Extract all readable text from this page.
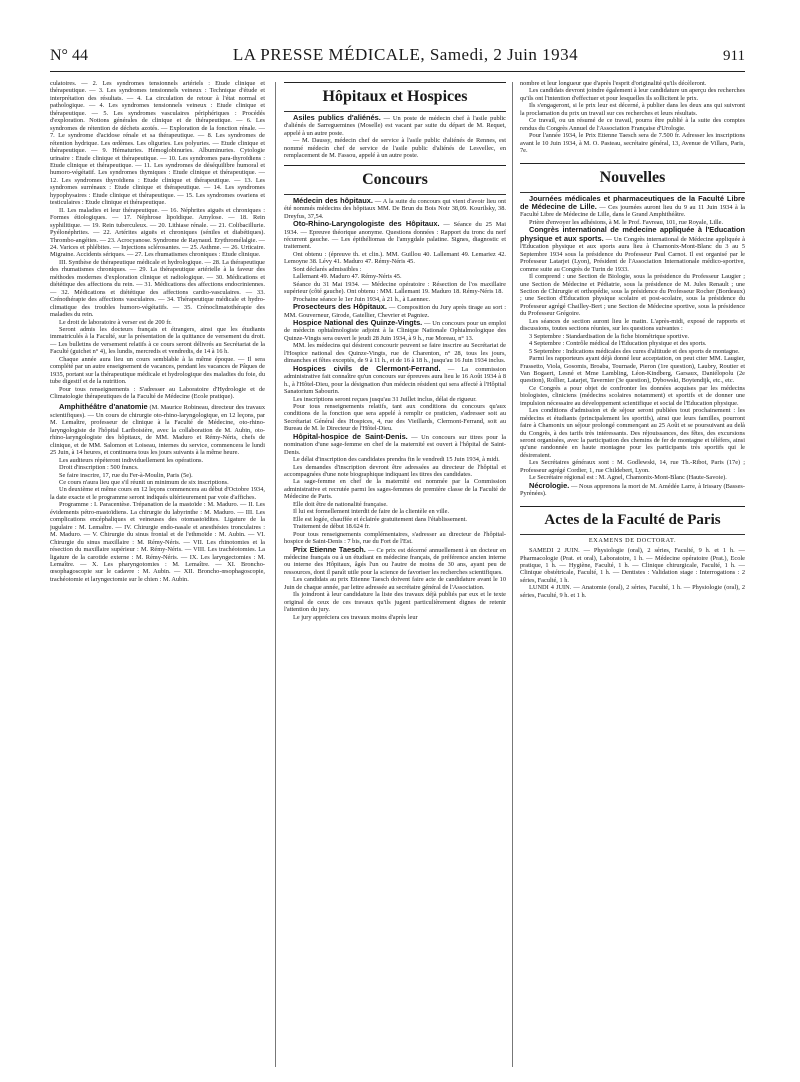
N° 44	LA PRESSE MÉDICALE, Samedi, 2 Juin 1934	911

culatoires. — 2. Les syndromes tensionnels artériels : Etude clinique et thérapeutique. — 3. Les syndromes tensionnels veineux : Technique d'étude et interprétation des résultats. — 4. La circulation de retour à l'état normal et pathologique. — 4. Les syndromes tensionnels veineux : Etude clinique et thérapeutique. — 5. Les syndromes vasculaires périphériques : Procédés d'exploration. Notions générales de clinique et de thérapeutique. — 6. Les syndromes de rétention de déchets azotés. — Exploration de la fonction rénale. — 7. Le syndrome d'acidose rénale et sa thérapeutique. — 8. Les syndromes de rétention hydrique. Les œdèmes. Les oliguries. Les polyuries. — Etude clinique et thérapeutique. — 9. Hématuries. Hémoglobinuries. Albuminuries. Cytologie urinaire : Etude clinique et thérapeutique. — 10. Les syndromes para-thyroïdiens : Etude clinique et thérapeutique. — 11. Les syndromes de déséquilibre humoral et humoro-végétatif. Les syndromes thymiques : Etude clinique et thérapeutique. — 12. Les syndromes thyroïdiens : Etude clinique et thérapeutique. — 13. Les syndromes surrénaux : Etude clinique et thérapeutique. — 14. Les syndromes hypophysaires : Etude clinique et thérapeutique. — 15. Les syndromes ovariens et testiculaires : Etude clinique et thérapeutique.

II. Les maladies et leur thérapeutique. — 16. Néphrites aiguës et chroniques : Formes étiologiques. — 17. Néphrose lipoïdique. Amylose. — 18. Rein syphilitique. — 19. Rein tuberculeux. — 20. Lithiase rénale. — 21. Colibacillurie. Pyélonéphrites. — 22. Artérites aiguës et chroniques (séniles et diabétiques). Thrombo-angéites. — 23. Acrocyanose. Syndrome de Raynaud. Erythromélalgie. — 24. Varices et phlébites. — Injections sclérosantes. — 25. Asthme. — 26. Urticaire. Migraine. Accidents sériques. — 27. Les rhumatismes chroniques : Etude clinique.

III. Synthèse de thérapeutique médicale et hydrologique. — 28. La thérapeutique des rhumatismes chroniques. — 29. La thérapeutique artérielle à la faveur des méthodes modernes d'exploration clinique et radiologique. — 30. Médications et diététique des affections du rein. — 31. Médications des affections endocriniennes. — 32. Médications et diététique des affections cardio-vasculaires. — 33. Crénothérapie des affections vasculaires. — 34. Thérapeutique médicale et hydro-climatique des troubles humoro-végétatifs. — 35. Crénoclimatothérapie des maladies du rein.

Le droit de laboratoire à verser est de 200 fr.

Seront admis les docteurs français et étrangers, ainsi que les étudiants immatriculés à la Faculté, sur la présentation de la quittance de versement du droit. — Les bulletins de versement relatifs à ce cours seront délivrés au Secrétariat de la Faculté (guichet n° 4), les lundis, mercredis et vendredis, de 14 à 16 h.

Chaque année aura lieu un cours semblable à la même époque. — Il sera complété par un autre enseignement de vacances, pendant les vacances de Pâques de 1935, portant sur la thérapeutique médicale et hydrologique des maladies du foie, du tube digestif et de la nutrition.

Pour tous renseignements : S'adresser au Laboratoire d'Hydrologie et de Climatologie thérapeutiques de la Faculté de Médecine (Ecole pratique).

Amphithéâtre d'anatomie (M. Maurice Robineau, directeur des travaux scientifiques). — Un cours de chirurgie oto-rhino-laryngologique, en 12 leçons, par M. Lemaître, professeur de clinique à la Faculté de Médecine, oto-rhino-laryngologiste de l'hôpital Lariboisière, avec la collaboration de M. Aubin, oto-rhino-laryngologiste des hôpitaux, de MM. Maduro et Rémy-Néris, chefs de clinique, et de MM. Salomon et Loiseau, internes du service, commencera le lundi 25 Juin, à 14 heures, et continuera tous les jours suivants à la même heure.

Les auditeurs répéteront individuellement les opérations.

Droit d'inscription : 500 francs.

Se faire inscrire, 17, rue du Fer-à-Moulin, Paris (5e).

Ce cours n'aura lieu que s'il réunit un minimum de six inscriptions.

Un deuxième et même cours en 12 leçons commencera au début d'Octobre 1934, la date exacte et le programme seront indiqués ultérieurement par voie d'affiches.

Programme : I. Paracentèse. Trépanation de la mastoïde : M. Maduro. — II. Les évidements pétro-mastoïdiens. La chirurgie du labyrinthe : M. Maduro. — III. Les complications encéphaliques et veineuses des otomastoïdites. Ligature de la jugulaire : M. Lemaître. — IV. Chirurgie endo-nasale et anesthésies tronculaires : M. Maduro. — V. Chirurgie du sinus frontal et de l'ethmoïde : M. Aubin. — VI. Chirurgie du sinus maxillaire : M. Rémy-Néris. — VII. Les rhinotomies et la résection du maxillaire supérieur : M. Rémy-Néris. — VIII. Les trachéotomies. La ligature de la carotide externe : M. Rémy-Néris. — IX. Les laryngectomies : M. Lemaître. — X. Les pharyngotomies : M. Lemaître. — XI. Broncho-œsophagoscopie sur le cadavre : M. Aubin. — XII. Broncho-œsophagoscopie, trachéotomie et laryngectomie sur le chien : M. Aubin.

Hôpitaux et Hospices

Asiles publics d'aliénés. — Un poste de médecin chef à l'asile public d'aliénés de Sarreguemines (Moselle) est vacant par suite du départ de M. Requet, appelé à un autre poste.

— M. Daussy, médecin chef de service à l'asile public d'aliénés de Rennes, est nommé médecin chef de service de l'asile public d'aliénés de Lesvellec, en remplacement de M. Fassou, appelé à un autre poste.

Concours

Médecin des hôpitaux. — A la suite du concours qui vient d'avoir lieu ont été nommés médecins des hôpitaux MM. De Brun du Bois Noir 38,09. Kourilsky, 38. Dreyfus, 37,54.

Oto-Rhino-Laryngologiste des Hôpitaux. — Séance du 25 Mai 1934. — Epreuve théorique anonyme. Questions données : Rapport du tronc du nerf récurrent gauche. — Les épithéliomas de l'amygdale palatine. Signes, diagnostic et traitement.

Ont obtenu : (épreuve th. et clin.). MM. Guillou 40. Lallemant 49. Lemariez 42. Lemoyne 38. Lévy 41. Maduro 47. Rémy-Néris 45.

Sont déclarés admissibles :

Lallemant 49. Maduro 47. Rémy-Néris 45.

Séance du 31 Mai 1934. — Médecine opératoire : Résection de l'os maxillaire supérieur (côté gauche). Ont obtenu : MM. Lallemant 19. Maduro 18. Rémy-Néris 18.

Prochaine séance le 1er Juin 1934, à 21 h., à Laennec.

Prosecteurs des Hôpitaux. — Composition du Jury après tirage au sort : MM. Gouverneur, Girode, Gatellier, Chevrier et Pagniez.

Hospice National des Quinze-Vingts. — Un concours pour un emploi de médecin ophtalmologiste adjoint à la Clinique Nationale Ophtalmologique des Quinze-Vingts sera ouvert le jeudi 28 Juin 1934, à 9 h., rue Moreau, n° 13.

MM. les médecins qui désirent concourir peuvent se faire inscrire au Secrétariat de l'Hospice national des Quinze-Vingts, rue de Charenton, n° 28, tous les jours, dimanches et fêtes exceptés, de 9 à 11 h., et de 16 à 18 h., jusqu'au 16 Juin 1934 inclus.

Hospices civils de Clermont-Ferrand. — La commission administrative fait connaître qu'un concours sur épreuves aura lieu le 16 Août 1934 à 8 h., à l'Hôtel-Dieu, pour la désignation d'un médecin résident qui sera affecté à l'Hôpital Sanatorium Sabourin.

Les inscriptions seront reçues jusqu'au 31 Juillet inclus, délai de rigueur.

Pour tous renseignements relatifs, tant aux conditions du concours qu'aux conditions de la fonction que sera appelé à remplir ce praticien, s'adresser soit au Secrétariat Général des Hospices, 4, rue des Vieillards, Clermont-Ferrand, soit au Bureau de M. le Directeur de l'Hôtel-Dieu.

Hôpital-hospice de Saint-Denis. — Un concours sur titres pour la nomination d'une sage-femme en chef de la maternité est ouvert à l'hôpital de Saint-Denis.

Le délai d'inscription des candidates prendra fin le vendredi 15 Juin 1934, à midi.

Les demandes d'inscription devront être adressées au directeur de l'hôpital et accompagnées d'une note biographique indiquant les titres des candidates.

La sage-femme en chef de la maternité est nommée par la Commission administrative et recrutée parmi les sages-femmes de première classe de la Faculté de Médecine de Paris.

Elle doit être de nationalité française.

Il lui est formellement interdit de faire de la clientèle en ville.

Elle est logée, chauffée et éclairée gratuitement dans l'établissement.

Traitement de début 18.624 fr.

Pour tous renseignements complémentaires, s'adresser au directeur de l'hôpital-hospice de Saint-Denis : 7 bis, rue du Fort de l'Est.

Prix Etienne Taesch. — Ce prix est décerné annuellement à un docteur en médecine français ou à un étudiant en médecine français, de préférence ancien interne ou interne des Hôpitaux, âgés l'un ou l'autre de moins de 30 ans, ayant peu de ressources, dont il paraît utile pour la science de favoriser les recherches scientifiques.

Les candidats au prix Etienne Taesch doivent faire acte de candidature avant le 10 Juin de chaque année, par lettre adressée au secrétaire général de l'Association.

Ils joindront à leur candidature la liste des travaux déjà publiés par eux et le texte original de ceux de ces travaux qu'ils jugent particulièrement dignes de retenir l'attention du jury.

Le jury appréciera ces travaux moins d'après leur

nombre et leur longueur que d'après l'esprit d'originalité qu'ils décèleront.

Les candidats devront joindre également à leur candidature un aperçu des recherches qu'ils ont l'intention d'effectuer et pour lesquelles ils sollicitent le prix.

Ils s'engageront, si le prix leur est décerné, à publier dans les deux ans qui suivront la proclamation du prix un travail sur ces recherches et leurs résultats.

Ce travail, ou un résumé de ce travail, pourra être publié à la suite des comptes rendus du Congrès Annuel de l'Association Française d'Urologie.

Pour l'année 1934, le Prix Etienne Taesch sera de 7.500 fr. Adresser les inscriptions avant le 10 Juin 1934, à M. O. Pasteau, secrétaire général, 13, Avenue de Villars, Paris, 7e.

Nouvelles

Journées médicales et pharmaceutiques de la Faculté Libre de Médecine de Lille. — Ces journées auront lieu du 9 au 11 Juin 1934 à la Faculté Libre de Médecine de Lille, dans le Grand Amphithéâtre.

Prière d'envoyer les adhésions, à M. le Prof. Favreau, 101, rue Royale, Lille.

Congrès international de médecine appliquée à l'Education physique et aux sports. — Un Congrès international de Médecine appliquée à l'Education physique et aux sports aura lieu à Chamonix-Mont-Blanc du 3 au 5 Septembre 1934 sous la présidence du Professeur Paul Carnot. Il est organisé par le Professeur Latarjet (Lyon), Président de l'Association Internationale médico-sportive, comme suite au Congrès de Turin de 1933.

Il comprend : une Section de Biologie, sous la présidence du Professeur Laugier ; une Section de Médecine et Pédiatrie, sous la présidence de M. Jules Renault ; une Section de Chirurgie et orthopédie, sous la présidence du Professeur Rocher (Bordeaux) ; une Section d'Education physique scolaire et post-scolaire, sous la présidence du Professeur agrégé Chailley-Bert ; une Section de Médecine sportive, sous la présidence du Professeur Grégoire.

Les séances de section auront lieu le matin. L'après-midi, exposé de rapports et discussions, toutes sections réunies, sur les questions suivantes :

3 Septembre : Standardisation de la fiche biométrique sportive.

4 Septembre : Contrôle médical de l'Education physique et des sports.

5 Septembre : Indications médicales des cures d'altitude et des sports de montagne.

Parmi les rapporteurs ayant déjà donné leur acceptation, on peut citer MM. Laugier, Frassetto, Viola, Gosomis, Broaba, Tournade, Pieron (1re question), Laubry, Routier et Van Bogaert, Lesné et Mme Lambling, Léon-Kindberg, Garsaux, Daniélopolu (2e question), Rollier, Latarjet, Tavernier (3e question), Dybowski, Boytendijk, etc., etc.

Ce Congrès a pour objet de confronter les données acquises par les médecins biologistes, cliniciens (médecins scolaires notamment) et sportifs et de donner une impulsion nécessaire au développement scientifique et social de l'Education physique.

Les conditions d'admission et de séjour seront publiées tout prochainement : les médecins et étudiants (principalement les sportifs), ainsi que leurs familles, pourront faire à Chamonix un séjour prolongé commençant au 25 Août et se poursuivant au delà du Congrès, à des tarifs très intéressants. Des réjouissances, des fêtes, des excursions seront organisées, avec la participation des chemins de fer de montagne et téléfers, ainsi qu'une randonnée en haute montagne pour les participants très sportifs qui le désireraient.

Les Secrétaires généraux sont : M. Godlewski, 14, rue Th.-Ribot, Paris (17e) ; Professeur agrégé Cordier, 1, rue Childebert, Lyon.

Le Secrétaire régional est : M. Agnel, Chamonix-Mont-Blanc (Haute-Savoie).

Nécrologie. — Nous apprenons la mort de M. Amédée Larre, à Irissary (Basses-Pyrénées).

Actes de la Faculté de Paris
EXAMENS DE DOCTORAT.

SAMEDI 2 JUIN. — Physiologie (oral), 2 séries, Faculté, 9 h. et 1 h. — Pharmacologie (Prat. et oral), Laboratoire, 1 h. — Médecine opératoire (Prat.), Ecole pratique, 1 h. — Hygiène, Faculté, 1 h. — Clinique chirurgicale, Faculté, 1 h. — Clinique obstétricale, Faculté, 1 h. — Dentistes : Validation stage : Interrogations : 2 séries, Faculté, 1 h.

LUNDI 4 JUIN. — Anatomie (oral), 2 séries, Faculté, 1 h. — Physiologie (oral), 2 séries, Faculté, 9 h. et 1 h.
